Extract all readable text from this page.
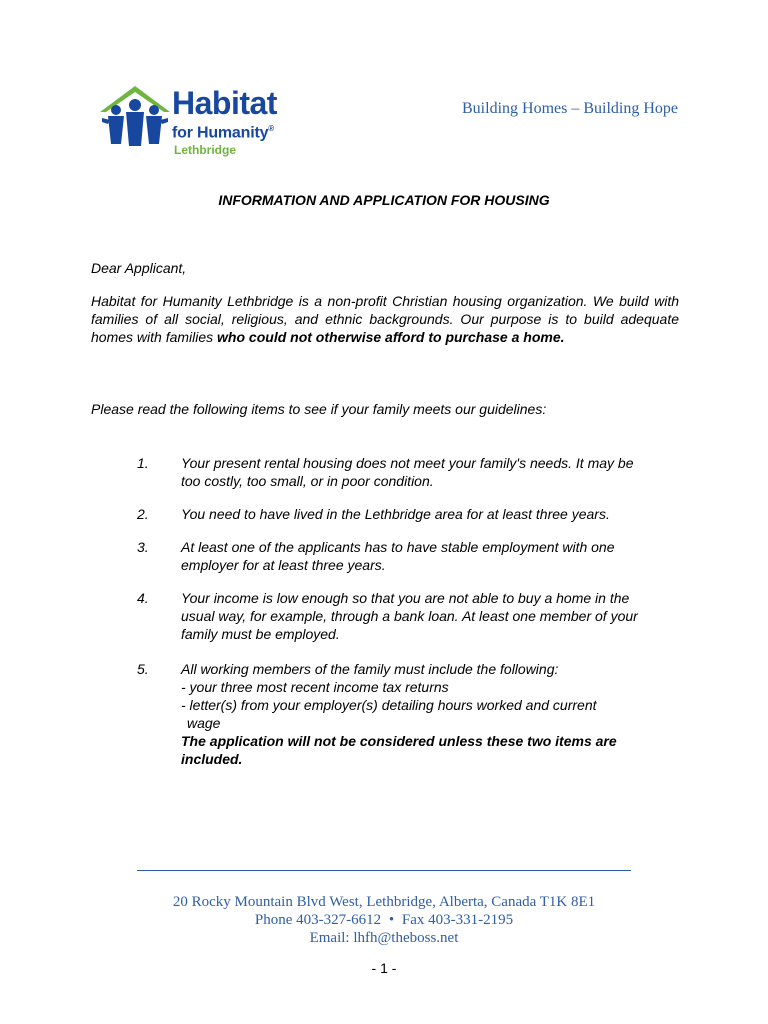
Habitat
for Humanity®
Lethbridge
Building Homes – Building Hope
INFORMATION AND APPLICATION FOR HOUSING
Dear Applicant,
Habitat for Humanity Lethbridge is a non-profit Christian housing organization. We build with families of all social, religious, and ethnic backgrounds. Our purpose is to build adequate homes with families who could not otherwise afford to purchase a home.
Please read the following items to see if your family meets our guidelines:
1. Your present rental housing does not meet your family's needs. It may be too costly, too small, or in poor condition.
2. You need to have lived in the Lethbridge area for at least three years.
3. At least one of the applicants has to have stable employment with one employer for at least three years.
4. Your income is low enough so that you are not able to buy a home in the usual way, for example, through a bank loan. At least one member of your family must be employed.
5. All working members of the family must include the following:
- your three most recent income tax returns
- letter(s) from your employer(s) detailing hours worked and current
wage
The application will not be considered unless these two items are included.
20 Rocky Mountain Blvd West, Lethbridge, Alberta, Canada T1K 8E1
Phone 403-327-6612 • Fax 403-331-2195
Email: lhfh@theboss.net
- 1 -
